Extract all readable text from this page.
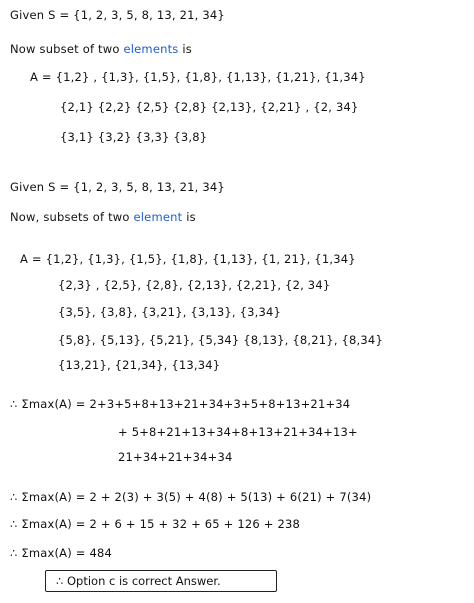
Given S = {1, 2, 3, 5, 8, 13, 21, 34}
Now subset of two elements is
A = {1,2} , {1,3}, {1,5}, {1,8}, {1,13}, {1,21}, {1,34}
{2,1} {2,2} {2,5} {2,8} {2,13}, {2,21} , {2, 34}
{3,1} {3,2} {3,3} {3,8}
Given S = {1, 2, 3, 5, 8, 13, 21, 34}
Now, subsets of two element is
A = {1,2}, {1,3}, {1,5}, {1,8}, {1,13}, {1, 21}, {1,34}
{2,3} , {2,5}, {2,8}, {2,13}, {2,21}, {2, 34}
{3,5}, {3,8}, {3,21}, {3,13}, {3,34}
{5,8}, {5,13}, {5,21}, {5,34} {8,13}, {8,21}, {8,34}
{13,21}, {21,34}, {13,34}
∴ Σmax(A) = 2+3+5+8+13+21+34+3+5+8+13+21+34
+ 5+8+21+13+34+8+13+21+34+13+
21+34+21+34+34
∴ Σmax(A) = 2 + 2(3) + 3(5) + 4(8) + 5(13) + 6(21) + 7(34)
∴ Σmax(A) = 2 + 6 + 15 + 32 + 65 + 126 + 238
∴ Σmax(A) = 484
∴ Option c is correct Answer.
